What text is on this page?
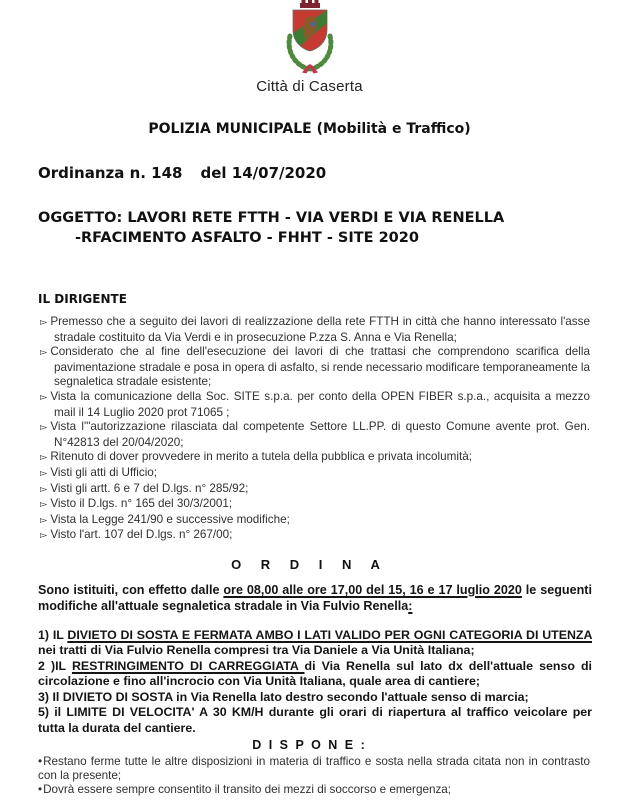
Città di Caserta
POLIZIA MUNICIPALE (Mobilità e Traffico)
Ordinanza n. 148 del 14/07/2020
OGGETTO: LAVORI RETE FTTH - VIA VERDI E VIA RENELLA
-RFACIMENTO ASFALTO - FHHT - SITE 2020
IL DIRIGENTE

▻ Premesso che a seguito dei lavori di realizzazione della rete FTTH in città che hanno interessato l'asse stradale costituito da Via Verdi e in prosecuzione P.zza S. Anna e Via Renella;

▻ Considerato che al fine dell'esecuzione dei lavori di che trattasi che comprendono scarifica della pavimentazione stradale e posa in opera di asfalto, si rende necessario modificare temporaneamente la segnaletica stradale esistente;

▻ Vista la comunicazione della Soc. SITE s.p.a. per conto della OPEN FIBER s.p.a., acquisita a mezzo mail il 14 Luglio 2020 prot 71065 ;

▻ Vista l'"autorizzazione rilasciata dal competente Settore LL.PP. di questo Comune avente prot. Gen. N°42813 del 20/04/2020;

▻ Ritenuto di dover provvedere in merito a tutela della pubblica e privata incolumità;

▻ Visti gli atti di Ufficio;

▻ Visti gli artt. 6 e 7 del D.lgs. n° 285/92;

▻ Visto il D.lgs. n° 165 del 30/3/2001;

▻ Vista la Legge 241/90 e successive modifiche;

▻ Visto l'art. 107 del D.lgs. n° 267/00;

O R D I N A

Sono istituiti, con effetto dalle ore 08,00 alle ore 17,00 del 15, 16 e 17 luglio 2020 le seguenti modifiche all'attuale segnaletica stradale in Via Fulvio Renella:

1) IL DIVIETO DI SOSTA E FERMATA AMBO I LATI VALIDO PER OGNI CATEGORIA DI UTENZA nei tratti di Via Fulvio Renella compresi tra Via Daniele a Via Unità Italiana;

2 )IL RESTRINGIMENTO DI CARREGGIATA di Via Renella sul lato dx dell'attuale senso di circolazione e fino all'incrocio con Via Unità Italiana, quale area di cantiere;

3) Il DIVIETO DI SOSTA in Via Renella lato destro secondo l'attuale senso di marcia;

5) il LIMITE DI VELOCITA' A 30 KM/H durante gli orari di riapertura al traffico veicolare per tutta la durata del cantiere.

D I S P O N E :

•Restano ferme tutte le altre disposizioni in materia di traffico e sosta nella strada citata non in contrasto con la presente;

•Dovrà essere sempre consentito il transito dei mezzi di soccorso e emergenza;
